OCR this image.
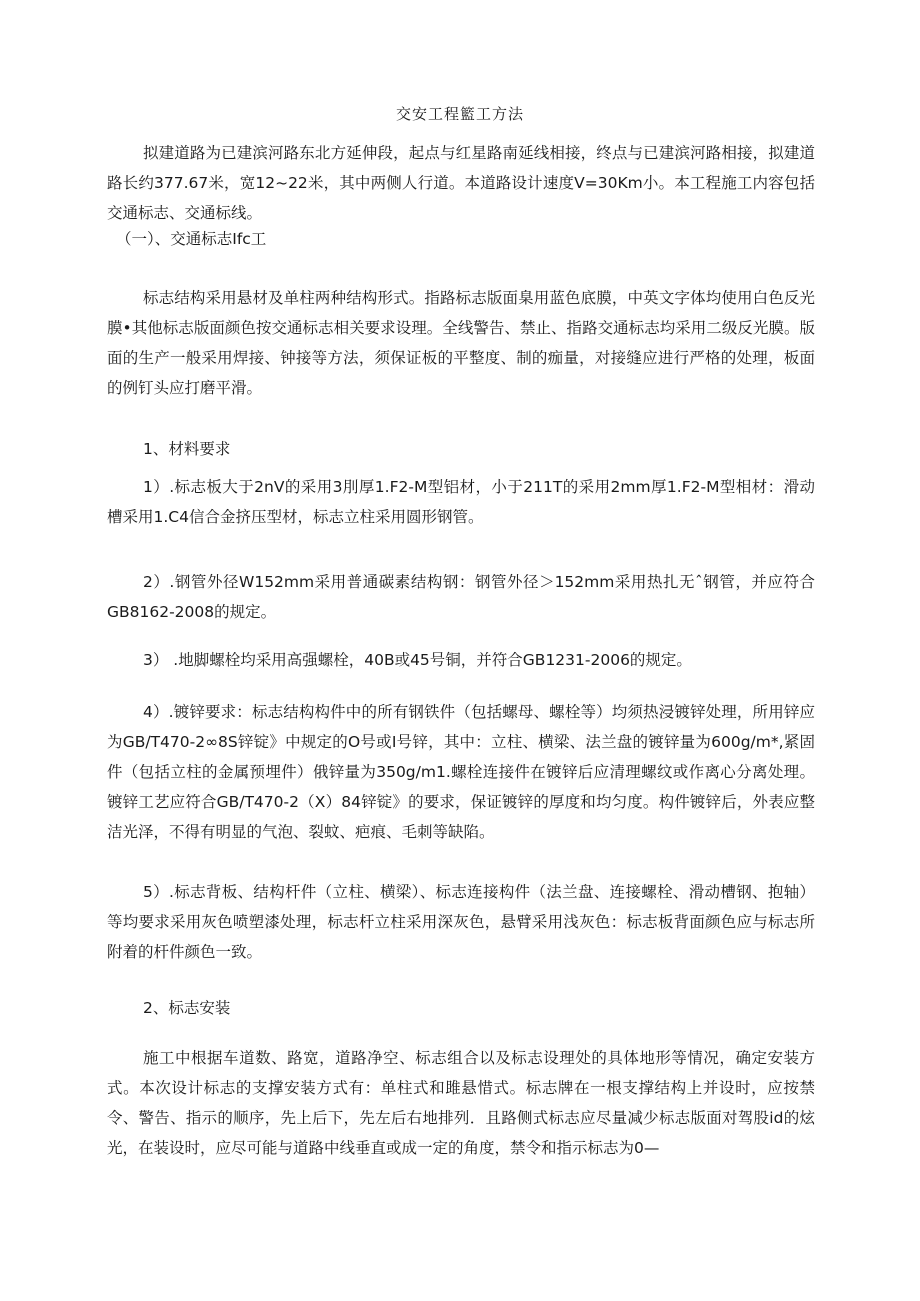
交安工程籃工方法
拟建道路为已建滨河路东北方延伸段，起点与红星路南延线相接，终点与已建滨河路相接，拟建道路长约377.67米，宽12~22米，其中两侧人行道。本道路设计速度V=30Km小。本工程施工内容包括交通标志、交通标线。
（一）、交通标志Ifc工
标志结构采用悬材及单柱两种结构形式。指路标志版面臬用蓝色底膜，中英文字体均使用白色反光膜•其他标志版面颜色按交通标志相关要求设理。全线警告、禁止、指路交通标志均采用二级反光膜。版面的生产一般采用焊接、钟接等方法，须保证板的平整度、制的痂量，对接缝应进行严格的处理，板面的例钉头应打磨平滑。
1、材料要求
1）.标志板大于2nV的采用3刖厚1.F2-M型铝材，小于211T的采用2mm厚1.F2-M型相材：滑动槽采用1.C4信合金挤压型材，标志立柱采用圆形钢管。
2）.钢管外径W152mm采用普通碳素结构钢：钢管外径＞152mm采用热扎无ˆ钢管，并应符合GB8162-2008的规定。
3） .地脚螺栓均采用高强螺栓，40B或45号铜，并符合GB1231-2006的规定。
4）.镀锌要求：标志结构构件中的所有钢铁件（包括螺母、螺栓等）均须热浸镀锌处理，所用锌应为GB∕T470-2∞8S锌锭》中规定的O号或I号锌，其中：立柱、横梁、法兰盘的镀锌量为600g∕m*,紧固件（包括立柱的金属预埋件）俄锌量为350g/m1.螺栓连接件在镀锌后应清理螺纹或作离心分离处理。镀锌工艺应符合GB∕T470-2（X）84锌锭》的要求，保证镀锌的厚度和均匀度。构件镀锌后，外表应整洁光泽，不得有明显的气泡、裂蚊、疤痕、毛刺等缺陷。
5）.标志背板、结构杆件（立柱、横梁）、标志连接构件（法兰盘、连接螺栓、滑动槽钢、抱轴）等均要求采用灰色喷塑漆处理，标志杆立柱采用深灰色，悬臂采用浅灰色：标志板背面颜色应与标志所附着的杆件颜色一致。
2、标志安装
施工中根据车道数、路宽，道路净空、标志组合以及标志设理处的具体地形等情况，确定安装方式。本次设计标志的支撑安装方式有：单柱式和雎悬惜式。标志牌在一根支撑结构上并设时，应按禁令、警告、指示的顺序，先上后下，先左后右地排列．且路侧式标志应尽量减少标志版面对驾股id的炫光，在装设时，应尽可能与道路中线垂直或成一定的角度，禁令和指示标志为0—
